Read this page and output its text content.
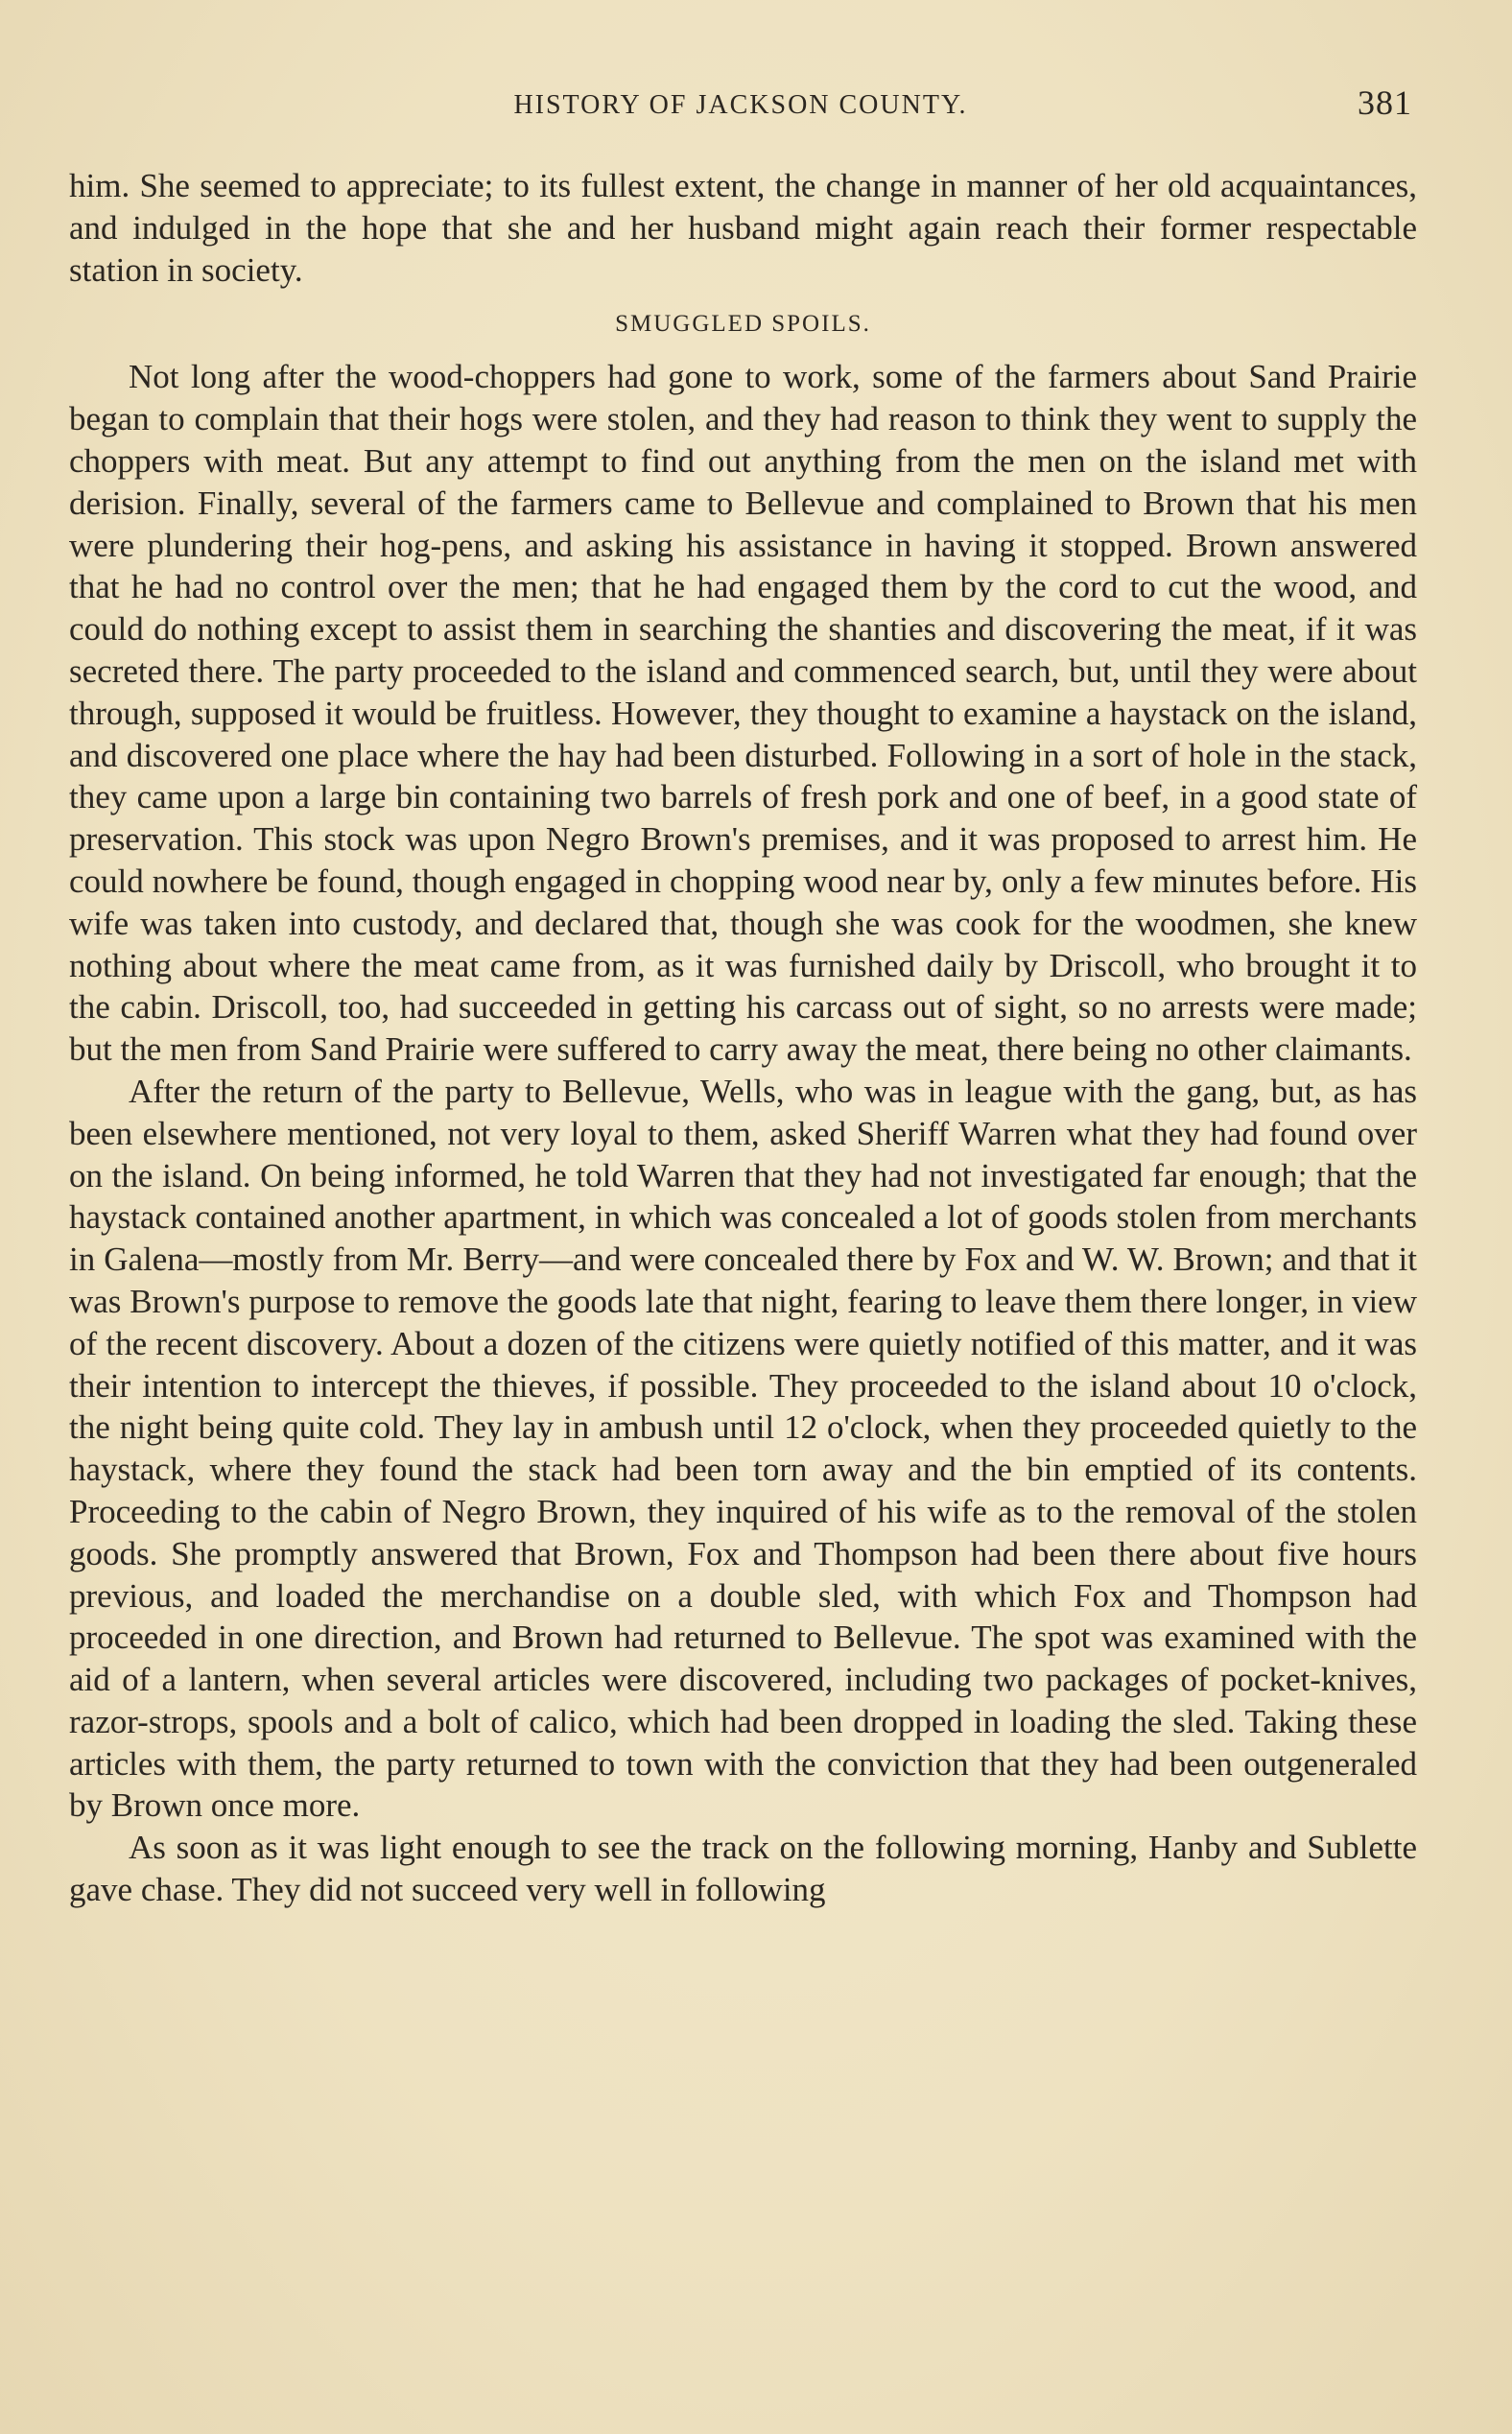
HISTORY OF JACKSON COUNTY.	381

him. She seemed to appreciate; to its fullest extent, the change in manner of her old acquaintances, and indulged in the hope that she and her husband might again reach their former respectable station in society.

SMUGGLED SPOILS.

Not long after the wood-choppers had gone to work, some of the farmers about Sand Prairie began to complain that their hogs were stolen, and they had reason to think they went to supply the choppers with meat. But any attempt to find out anything from the men on the island met with derision. Finally, several of the farmers came to Bellevue and complained to Brown that his men were plundering their hog-pens, and asking his assistance in having it stopped. Brown answered that he had no control over the men; that he had engaged them by the cord to cut the wood, and could do nothing except to assist them in searching the shanties and discovering the meat, if it was secreted there. The party proceeded to the island and commenced search, but, until they were about through, supposed it would be fruitless. However, they thought to examine a haystack on the island, and discovered one place where the hay had been disturbed. Following in a sort of hole in the stack, they came upon a large bin containing two barrels of fresh pork and one of beef, in a good state of preservation. This stock was upon Negro Brown's premises, and it was proposed to arrest him. He could nowhere be found, though engaged in chopping wood near by, only a few minutes before. His wife was taken into custody, and declared that, though she was cook for the woodmen, she knew nothing about where the meat came from, as it was furnished daily by Driscoll, who brought it to the cabin. Driscoll, too, had succeeded in getting his carcass out of sight, so no arrests were made; but the men from Sand Prairie were suffered to carry away the meat, there being no other claimants.

After the return of the party to Bellevue, Wells, who was in league with the gang, but, as has been elsewhere mentioned, not very loyal to them, asked Sheriff Warren what they had found over on the island. On being informed, he told Warren that they had not investigated far enough; that the haystack contained another apartment, in which was concealed a lot of goods stolen from merchants in Galena—mostly from Mr. Berry—and were concealed there by Fox and W. W. Brown; and that it was Brown's purpose to remove the goods late that night, fearing to leave them there longer, in view of the recent discovery. About a dozen of the citizens were quietly notified of this matter, and it was their intention to intercept the thieves, if possible. They proceeded to the island about 10 o'clock, the night being quite cold. They lay in ambush until 12 o'clock, when they proceeded quietly to the haystack, where they found the stack had been torn away and the bin emptied of its contents. Proceeding to the cabin of Negro Brown, they inquired of his wife as to the removal of the stolen goods. She promptly answered that Brown, Fox and Thompson had been there about five hours previous, and loaded the merchandise on a double sled, with which Fox and Thompson had proceeded in one direction, and Brown had returned to Bellevue. The spot was examined with the aid of a lantern, when several articles were discovered, including two packages of pocket-knives, razor-strops, spools and a bolt of calico, which had been dropped in loading the sled. Taking these articles with them, the party returned to town with the conviction that they had been outgeneraled by Brown once more.

As soon as it was light enough to see the track on the following morning, Hanby and Sublette gave chase. They did not succeed very well in following
